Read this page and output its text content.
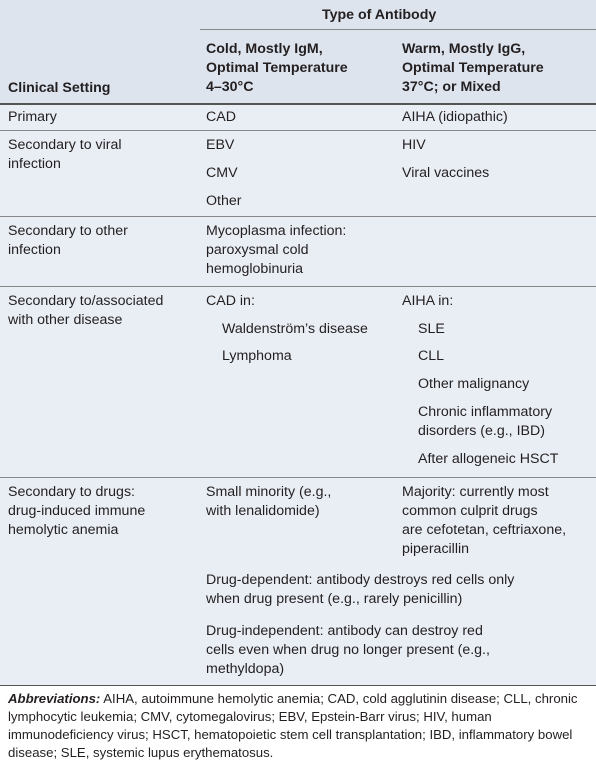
Type of Antibody
Clinical Setting
Cold, Mostly IgM,
Optimal Temperature
4–30°C
Warm, Mostly IgG,
Optimal Temperature
37°C; or Mixed
Primary	CAD	AIHA (idiopathic)
Secondary to viral
infection
EBV
CMV
Other
HIV
Viral vaccines
Secondary to other
infection
Mycoplasma infection:
paroxysmal cold
hemoglobinuria
Secondary to/associated
with other disease
CAD in:
Waldenström’s disease
Lymphoma
AIHA in:
SLE
CLL
Other malignancy
Chronic inflammatory
disorders (e.g., IBD)
After allogeneic HSCT
Secondary to drugs:
drug-induced immune
hemolytic anemia
Small minority (e.g.,
with lenalidomide)
Majority: currently most
common culprit drugs
are cefotetan, ceftriaxone,
piperacillin
Drug-dependent: antibody destroys red cells only
when drug present (e.g., rarely penicillin)
Drug-independent: antibody can destroy red
cells even when drug no longer present (e.g.,
methyldopa)
Abbreviations: AIHA, autoimmune hemolytic anemia; CAD, cold agglutinin disease; CLL, chronic lymphocytic leukemia; CMV, cytomegalovirus; EBV, Epstein-Barr virus; HIV, human immunodeficiency virus; HSCT, hematopoietic stem cell transplantation; IBD, inflammatory bowel disease; SLE, systemic lupus erythematosus.
